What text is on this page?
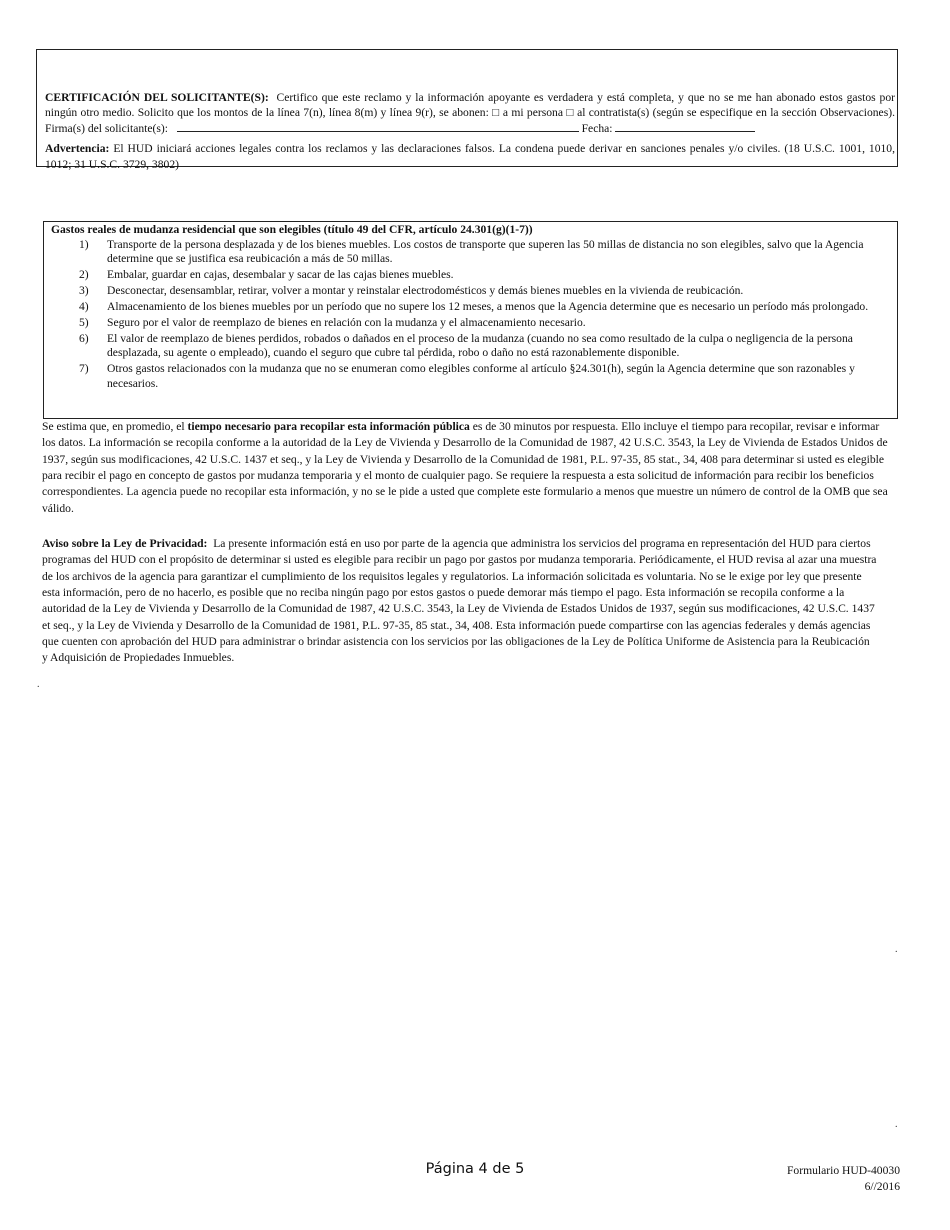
CERTIFICACIÓN DEL SOLICITANTE(S): Certifico que este reclamo y la información apoyante es verdadera y está completa, y que no se me han abonado estos gastos por ningún otro medio. Solicito que los montos de la línea 7(n), línea 8(m) y línea 9(r), se abonen: □ a mi persona □ al contratista(s) (según se especifique en la sección Observaciones). Firma(s) del solicitante(s):	Fecha:

Advertencia: El HUD iniciará acciones legales contra los reclamos y las declaraciones falsos. La condena puede derivar en sanciones penales y/o civiles. (18 U.S.C. 1001, 1010, 1012; 31 U.S.C. 3729, 3802)

Gastos reales de mudanza residencial que son elegibles (título 49 del CFR, artículo 24.301(g)(1-7))
1) Transporte de la persona desplazada y de los bienes muebles. Los costos de transporte que superen las 50 millas de distancia no son elegibles, salvo que la Agencia determine que se justifica esa reubicación a más de 50 millas.
2) Embalar, guardar en cajas, desembalar y sacar de las cajas bienes muebles.
3) Desconectar, desensamblar, retirar, volver a montar y reinstalar electrodomésticos y demás bienes muebles en la vivienda de reubicación.
4) Almacenamiento de los bienes muebles por un período que no supere los 12 meses, a menos que la Agencia determine que es necesario un período más prolongado.
5) Seguro por el valor de reemplazo de bienes en relación con la mudanza y el almacenamiento necesario.
6) El valor de reemplazo de bienes perdidos, robados o dañados en el proceso de la mudanza (cuando no sea como resultado de la culpa o negligencia de la persona desplazada, su agente o empleado), cuando el seguro que cubre tal pérdida, robo o daño no está razonablemente disponible.
7) Otros gastos relacionados con la mudanza que no se enumeran como elegibles conforme al artículo §24.301(h), según la Agencia determine que son razonables y necesarios.

Se estima que, en promedio, el tiempo necesario para recopilar esta información pública es de 30 minutos por respuesta. Ello incluye el tiempo para recopilar, revisar e informar los datos. La información se recopila conforme a la autoridad de la Ley de Vivienda y Desarrollo de la Comunidad de 1987, 42 U.S.C. 3543, la Ley de Vivienda de Estados Unidos de 1937, según sus modificaciones, 42 U.S.C. 1437 et seq., y la Ley de Vivienda y Desarrollo de la Comunidad de 1981, P.L. 97-35, 85 stat., 34, 408 para determinar si usted es elegible para recibir el pago en concepto de gastos por mudanza temporaria y el monto de cualquier pago. Se requiere la respuesta a esta solicitud de información para recibir los beneficios correspondientes. La agencia puede no recopilar esta información, y no se le pide a usted que complete este formulario a menos que muestre un número de control de la OMB que sea válido.

Aviso sobre la Ley de Privacidad: La presente información está en uso por parte de la agencia que administra los servicios del programa en representación del HUD para ciertos programas del HUD con el propósito de determinar si usted es elegible para recibir un pago por gastos por mudanza temporaria. Periódicamente, el HUD revisa al azar una muestra de los archivos de la agencia para garantizar el cumplimiento de los requisitos legales y regulatorios. La información solicitada es voluntaria. No se le exige por ley que presente esta información, pero de no hacerlo, es posible que no reciba ningún pago por estos gastos o puede demorar más tiempo el pago. Esta información se recopila conforme a la autoridad de la Ley de Vivienda y Desarrollo de la Comunidad de 1987, 42 U.S.C. 3543, la Ley de Vivienda de Estados Unidos de 1937, según sus modificaciones, 42 U.S.C. 1437 et seq., y la Ley de Vivienda y Desarrollo de la Comunidad de 1981, P.L. 97-35, 85 stat., 34, 408. Esta información puede compartirse con las agencias federales y demás agencias que cuenten con aprobación del HUD para administrar o brindar asistencia con los servicios por las obligaciones de la Ley de Política Uniforme de Asistencia para la Reubicación y Adquisición de Propiedades Inmuebles.

.
.
.
Página 4 de 5	Formulario HUD-40030
6//2016
